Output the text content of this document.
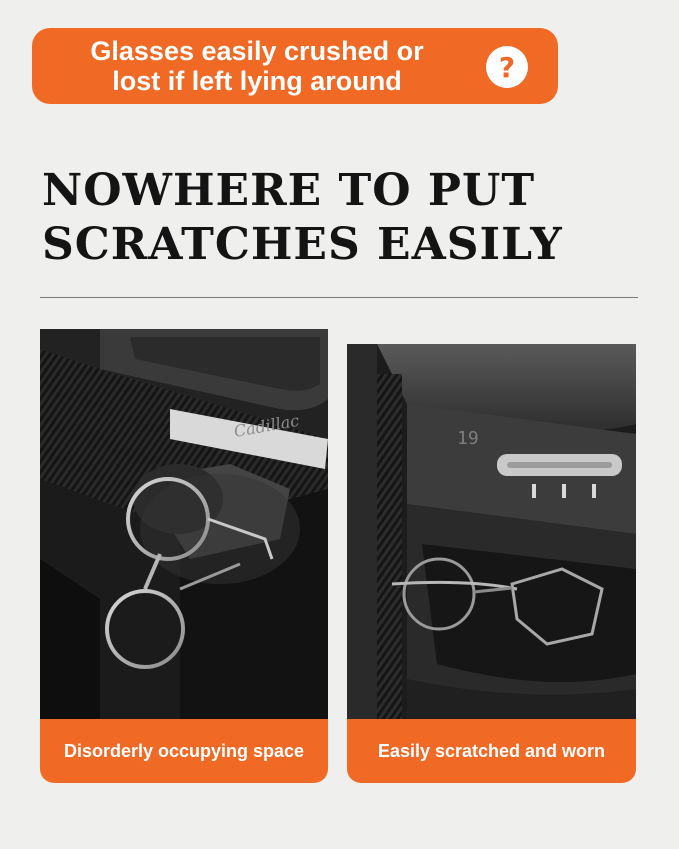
Glasses easily crushed or
lost if left lying around	?
NOWHERE TO PUT
SCRATCHES EASILY
Cadillac
Disorderly occupying space
19
Easily scratched and worn
